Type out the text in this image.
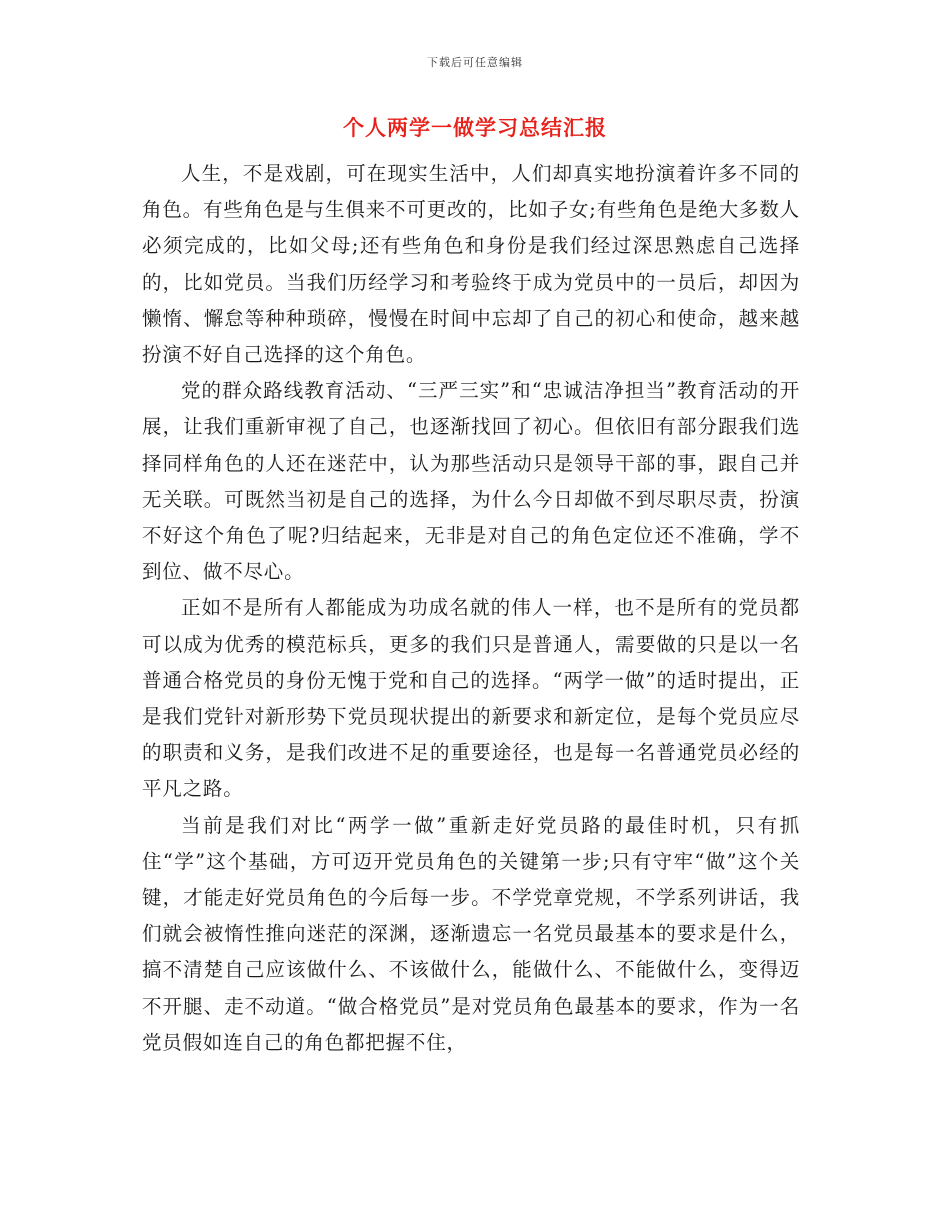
下载后可任意编辑
个人两学一做学习总结汇报

人生，不是戏剧，可在现实生活中，人们却真实地扮演着许多不同的角色。有些角色是与生俱来不可更改的，比如子女;有些角色是绝大多数人必须完成的，比如父母;还有些角色和身份是我们经过深思熟虑自己选择的，比如党员。当我们历经学习和考验终于成为党员中的一员后，却因为懒惰、懈怠等种种琐碎，慢慢在时间中忘却了自己的初心和使命，越来越扮演不好自己选择的这个角色。

党的群众路线教育活动、“三严三实”和“忠诚洁净担当”教育活动的开展，让我们重新审视了自己，也逐渐找回了初心。但依旧有部分跟我们选择同样角色的人还在迷茫中，认为那些活动只是领导干部的事，跟自己并无关联。可既然当初是自己的选择，为什么今日却做不到尽职尽责，扮演不好这个角色了呢?归结起来，无非是对自己的角色定位还不准确，学不到位、做不尽心。

正如不是所有人都能成为功成名就的伟人一样，也不是所有的党员都可以成为优秀的模范标兵，更多的我们只是普通人，需要做的只是以一名普通合格党员的身份无愧于党和自己的选择。“两学一做”的适时提出，正是我们党针对新形势下党员现状提出的新要求和新定位，是每个党员应尽的职责和义务，是我们改进不足的重要途径，也是每一名普通党员必经的平凡之路。

当前是我们对比“两学一做”重新走好党员路的最佳时机，只有抓住“学”这个基础，方可迈开党员角色的关键第一步;只有守牢“做”这个关键，才能走好党员角色的今后每一步。不学党章党规，不学系列讲话，我们就会被惰性推向迷茫的深渊，逐渐遗忘一名党员最基本的要求是什么，搞不清楚自己应该做什么、不该做什么，能做什么、不能做什么，变得迈不开腿、走不动道。“做合格党员”是对党员角色最基本的要求，作为一名党员假如连自己的角色都把握不住，
